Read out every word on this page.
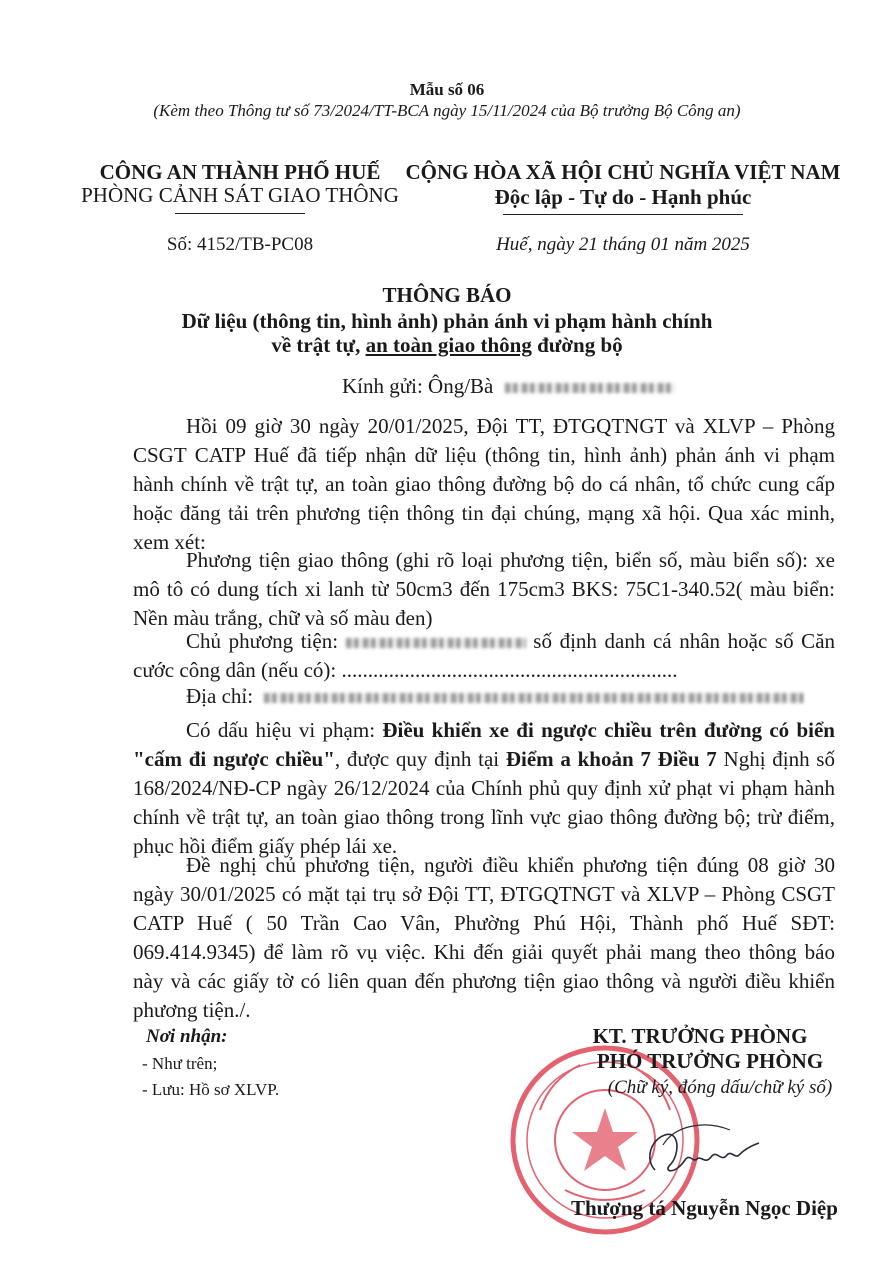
Mẫu số 06
(Kèm theo Thông tư số 73/2024/TT-BCA ngày 15/11/2024 của Bộ trưởng Bộ Công an)
CÔNG AN THÀNH PHỐ HUẾ
PHÒNG CẢNH SÁT GIAO THÔNG
Số: 4152/TB-PC08
CỘNG HÒA XÃ HỘI CHỦ NGHĨA VIỆT NAM
Độc lập - Tự do - Hạnh phúc
Huế, ngày 21 tháng 01 năm 2025
THÔNG BÁO
Dữ liệu (thông tin, hình ảnh) phản ánh vi phạm hành chính
về trật tự, an toàn giao thông đường bộ
Kính gửi: Ông/Bà
Hồi 09 giờ 30 ngày 20/01/2025, Đội TT, ĐTGQTNGT và XLVP – Phòng
CSGT CATP Huế đã tiếp nhận dữ liệu (thông tin, hình ảnh) phản ánh vi phạm
hành chính về trật tự, an toàn giao thông đường bộ do cá nhân, tổ chức cung cấp
hoặc đăng tải trên phương tiện thông tin đại chúng, mạng xã hội. Qua xác minh,
xem xét:
Phương tiện giao thông (ghi rõ loại phương tiện, biển số, màu biển số): xe
mô tô có dung tích xi lanh từ 50cm3 đến 175cm3 BKS: 75C1-340.52( màu biển:
Nền màu trắng, chữ và số màu đen)
Chủ phương tiện:	số định danh cá nhân hoặc số Căn
cước công dân (nếu có): ................................................................
Địa chỉ:
Có dấu hiệu vi phạm: Điều khiển xe đi ngược chiều trên đường có biển
"cấm đi ngược chiều", được quy định tại Điểm a khoản 7 Điều 7 Nghị định số
168/2024/NĐ-CP ngày 26/12/2024 của Chính phủ quy định xử phạt vi phạm hành
chính về trật tự, an toàn giao thông trong lĩnh vực giao thông đường bộ; trừ điểm,
phục hồi điểm giấy phép lái xe.
Đề nghị chủ phương tiện, người điều khiển phương tiện đúng 08 giờ 30
ngày 30/01/2025 có mặt tại trụ sở Đội TT, ĐTGQTNGT và XLVP – Phòng CSGT
CATP Huế ( 50 Trần Cao Vân, Phường Phú Hội, Thành phố Huế SĐT:
069.414.9345) để làm rõ vụ việc. Khi đến giải quyết phải mang theo thông báo
này và các giấy tờ có liên quan đến phương tiện giao thông và người điều khiển
phương tiện./.
Nơi nhận:
- Như trên;
- Lưu: Hồ sơ XLVP.
KT. TRƯỞNG PHÒNG
PHÓ TRƯỞNG PHÒNG
(Chữ ký, đóng dấu/chữ ký số)
Thượng tá Nguyễn Ngọc Diệp
